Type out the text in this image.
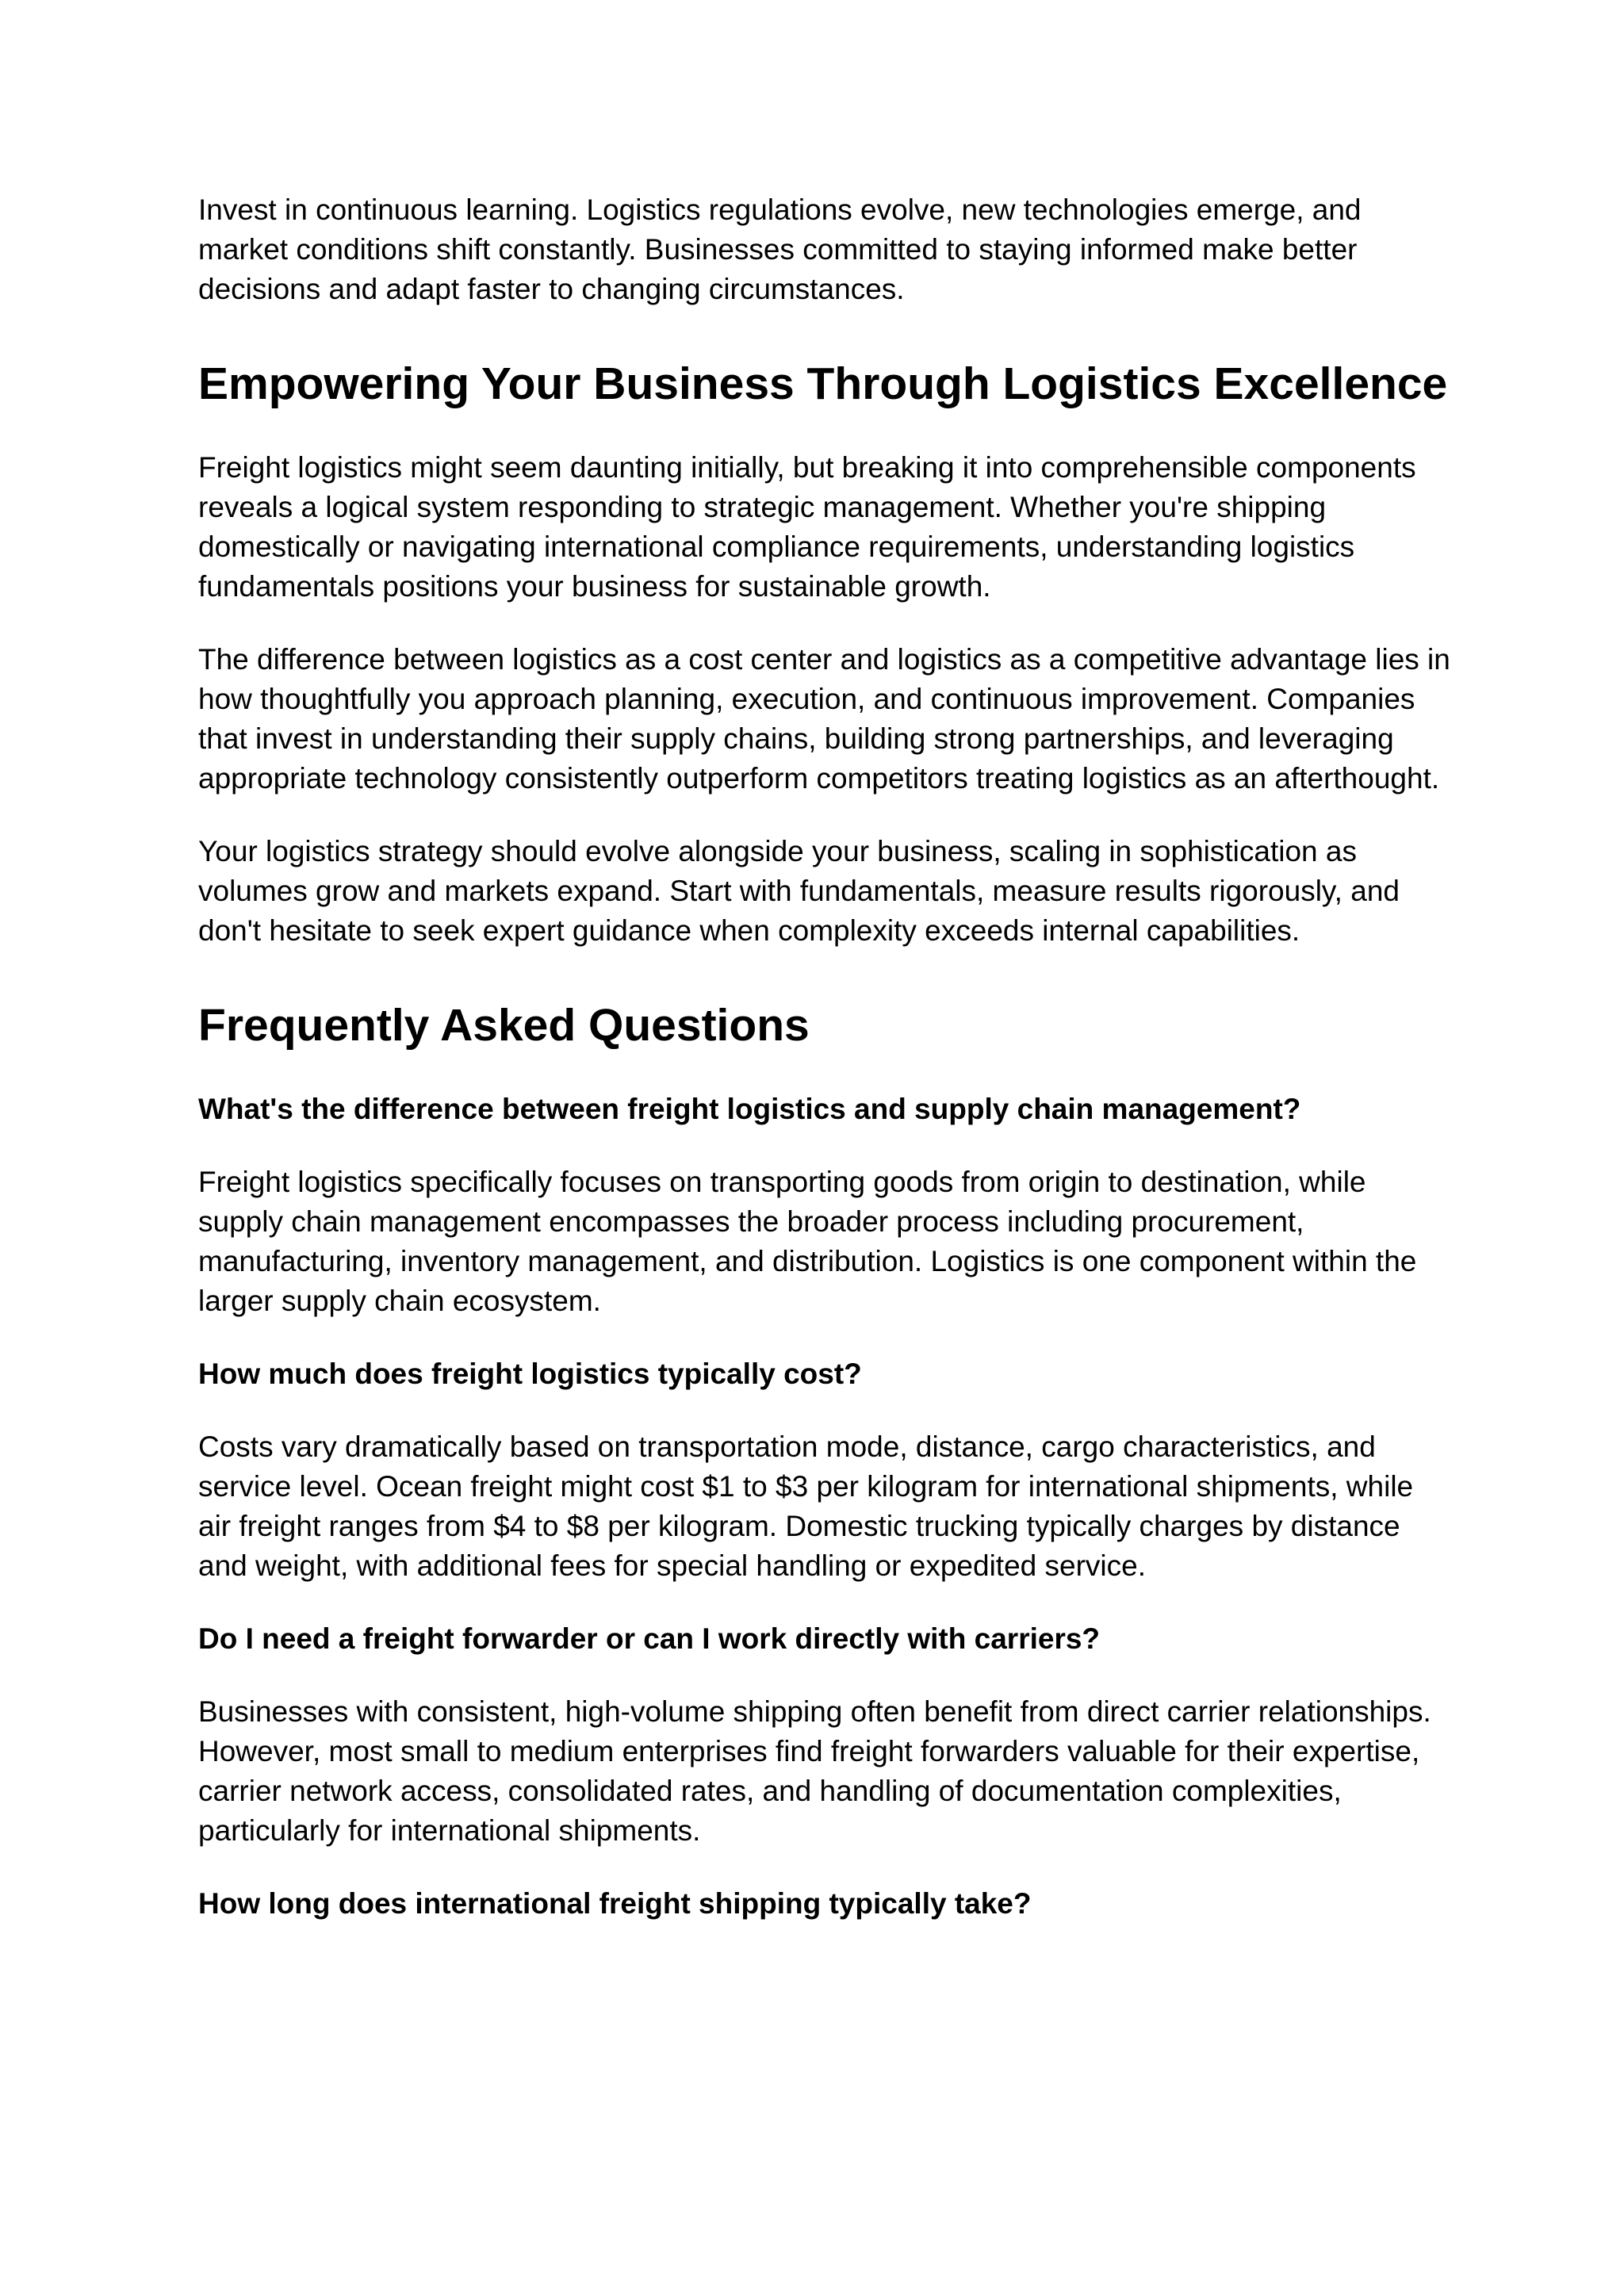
Invest in continuous learning. Logistics regulations evolve, new technologies emerge, and market conditions shift constantly. Businesses committed to staying informed make better decisions and adapt faster to changing circumstances.

Empowering Your Business Through Logistics Excellence

Freight logistics might seem daunting initially, but breaking it into comprehensible components reveals a logical system responding to strategic management. Whether you're shipping domestically or navigating international compliance requirements, understanding logistics fundamentals positions your business for sustainable growth.

The difference between logistics as a cost center and logistics as a competitive advantage lies in how thoughtfully you approach planning, execution, and continuous improvement. Companies that invest in understanding their supply chains, building strong partnerships, and leveraging appropriate technology consistently outperform competitors treating logistics as an afterthought.

Your logistics strategy should evolve alongside your business, scaling in sophistication as volumes grow and markets expand. Start with fundamentals, measure results rigorously, and don't hesitate to seek expert guidance when complexity exceeds internal capabilities.

Frequently Asked Questions
What's the difference between freight logistics and supply chain management?

Freight logistics specifically focuses on transporting goods from origin to destination, while supply chain management encompasses the broader process including procurement, manufacturing, inventory management, and distribution. Logistics is one component within the larger supply chain ecosystem.

How much does freight logistics typically cost?

Costs vary dramatically based on transportation mode, distance, cargo characteristics, and service level. Ocean freight might cost $1 to $3 per kilogram for international shipments, while air freight ranges from $4 to $8 per kilogram. Domestic trucking typically charges by distance and weight, with additional fees for special handling or expedited service.

Do I need a freight forwarder or can I work directly with carriers?

Businesses with consistent, high-volume shipping often benefit from direct carrier relationships. However, most small to medium enterprises find freight forwarders valuable for their expertise, carrier network access, consolidated rates, and handling of documentation complexities, particularly for international shipments.

How long does international freight shipping typically take?
